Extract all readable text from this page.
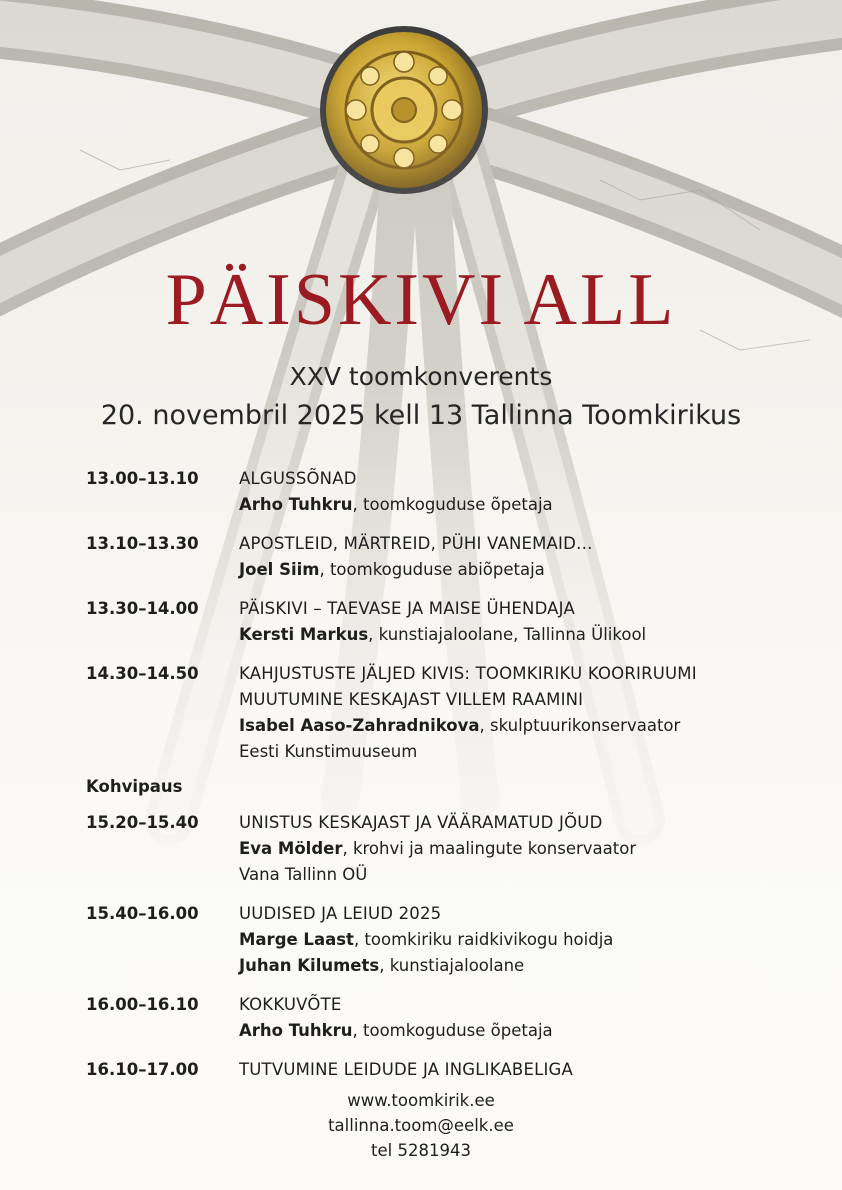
PÄISKIVI ALL
XXV toomkonverents
20. novembril 2025 kell 13 Tallinna Toomkirikus
13.00–13.10	ALGUSSÕNAD
Arho Tuhkru, toomkoguduse õpetaja
13.10–13.30	APOSTLEID, MÄRTREID, PÜHI VANEMAID…
Joel Siim, toomkoguduse abiõpetaja
13.30–14.00	PÄISKIVI – TAEVASE JA MAISE ÜHENDAJA
Kersti Markus, kunstiajaloolane, Tallinna Ülikool
14.30–14.50	KAHJUSTUSTE JÄLJED KIVIS: TOOMKIRIKU KOORIRUUMI
MUUTUMINE KESKAJAST VILLEM RAAMINI
Isabel Aaso-Zahradnikova, skulptuurikonservaator
Eesti Kunstimuuseum
Kohvipaus
15.20–15.40	UNISTUS KESKAJAST JA VÄÄRAMATUD JÕUD
Eva Mölder, krohvi ja maalingute konservaator
Vana Tallinn OÜ
15.40–16.00	UUDISED JA LEIUD 2025
Marge Laast, toomkiriku raidkivikogu hoidja
Juhan Kilumets, kunstiajaloolane
16.00–16.10	KOKKUVÕTE
Arho Tuhkru, toomkoguduse õpetaja
16.10–17.00	TUTVUMINE LEIDUDE JA INGLIKABELIGA
www.toomkirik.ee
tallinna.toom@eelk.ee
tel 5281943
